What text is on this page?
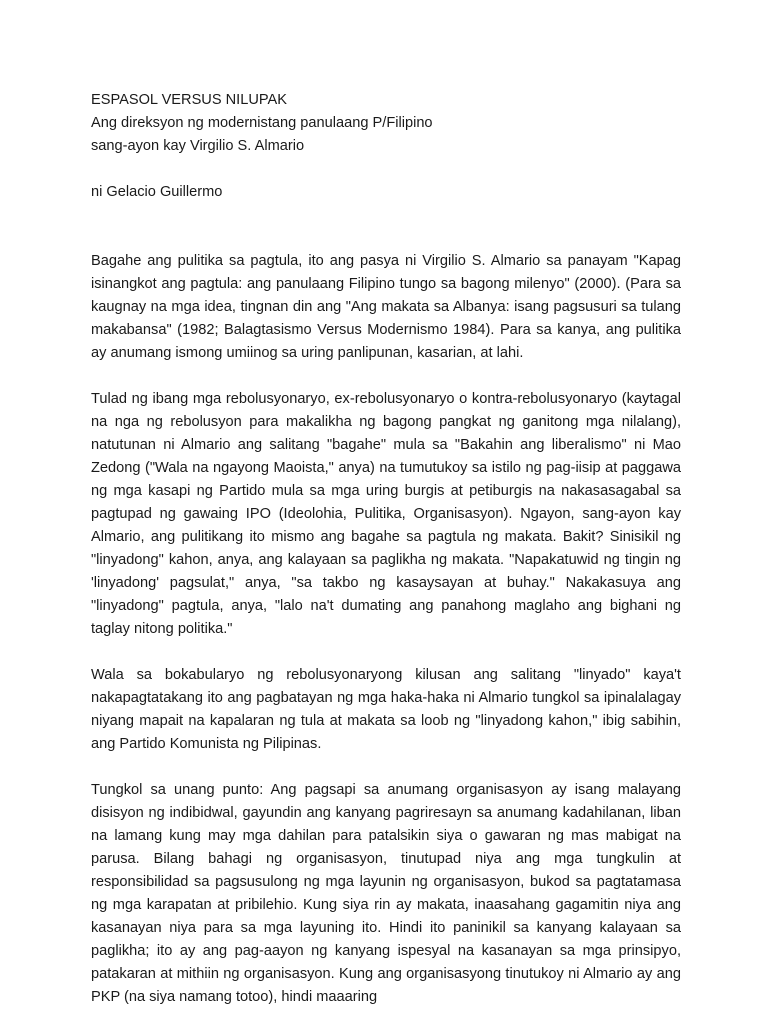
ESPASOL VERSUS NILUPAK

Ang direksyon ng modernistang panulaang P/Filipino

sang-ayon kay Virgilio S. Almario

ni Gelacio Guillermo

Bagahe ang pulitika sa pagtula, ito ang pasya ni Virgilio S. Almario sa panayam "Kapag isinangkot ang pagtula: ang panulaang Filipino tungo sa bagong milenyo" (2000). (Para sa kaugnay na mga idea, tingnan din ang "Ang makata sa Albanya: isang pagsusuri sa tulang makabansa" (1982; Balagtasismo Versus Modernismo 1984). Para sa kanya, ang pulitika ay anumang ismong umiinog sa uring panlipunan, kasarian, at lahi.

Tulad ng ibang mga rebolusyonaryo, ex-rebolusyonaryo o kontra-rebolusyonaryo (kaytagal na nga ng rebolusyon para makalikha ng bagong pangkat ng ganitong mga nilalang), natutunan ni Almario ang salitang "bagahe" mula sa "Bakahin ang liberalismo" ni Mao Zedong ("Wala na ngayong Maoista," anya) na tumutukoy sa istilo ng pag-iisip at paggawa ng mga kasapi ng Partido mula sa mga uring burgis at petiburgis na nakasasagabal sa pagtupad ng gawaing IPO (Ideolohia, Pulitika, Organisasyon). Ngayon, sang-ayon kay Almario, ang pulitikang ito mismo ang bagahe sa pagtula ng makata. Bakit? Sinisikil ng "linyadong" kahon, anya, ang kalayaan sa paglikha ng makata. "Napakatuwid ng tingin ng 'linyadong' pagsulat," anya, "sa takbo ng kasaysayan at buhay." Nakakasuya ang "linyadong" pagtula, anya, "lalo na't dumating ang panahong maglaho ang bighani ng taglay nitong politika."

Wala sa bokabularyo ng rebolusyonaryong kilusan ang salitang "linyado" kaya't nakapagtatakang ito ang pagbatayan ng mga haka-haka ni Almario tungkol sa ipinalalagay niyang mapait na kapalaran ng tula at makata sa loob ng "linyadong kahon," ibig sabihin, ang Partido Komunista ng Pilipinas.

Tungkol sa unang punto: Ang pagsapi sa anumang organisasyon ay isang malayang disisyon ng indibidwal, gayundin ang kanyang pagriresayn sa anumang kadahilanan, liban na lamang kung may mga dahilan para patalsikin siya o gawaran ng mas mabigat na parusa. Bilang bahagi ng organisasyon, tinutupad niya ang mga tungkulin at responsibilidad sa pagsusulong ng mga layunin ng organisasyon, bukod sa pagtatamasa ng mga karapatan at pribilehio. Kung siya rin ay makata, inaasahang gagamitin niya ang kasanayan niya para sa mga layuning ito. Hindi ito paninikil sa kanyang kalayaan sa paglikha; ito ay ang pag-aayon ng kanyang ispesyal na kasanayan sa mga prinsipyo, patakaran at mithiin ng organisasyon. Kung ang organisasyong tinutukoy ni Almario ay ang PKP (na siya namang totoo), hindi maaaring
